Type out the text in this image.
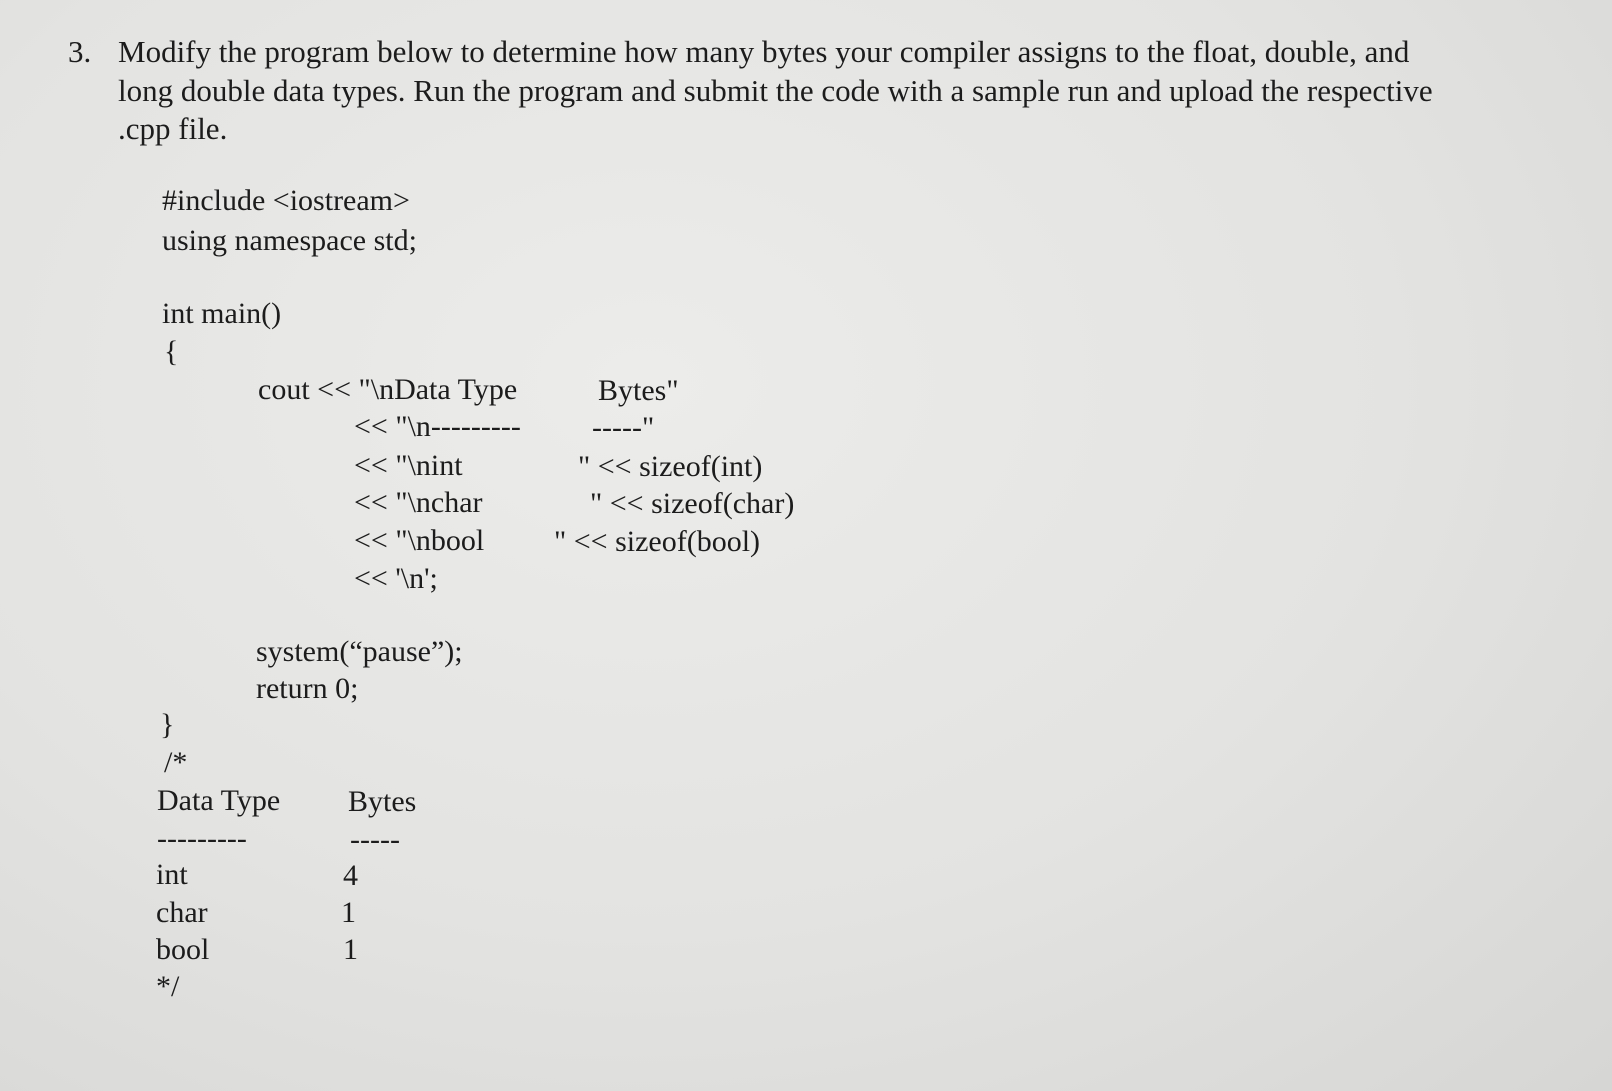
3. Modify the program below to determine how many bytes your compiler assigns to the float, double, and
long double data types. Run the program and submit the code with a sample run and upload the respective
.cpp file.
#include <iostream>
using namespace std;
int main()
{
cout << "\nData Type	Bytes"
<< "\n--------- -----"
<< "\nint	" << sizeof(int)
<< "\nchar	" << sizeof(char)
<< "\nbool " << sizeof(bool)
<< '\n';
system(“pause”);
return 0;
}
/*
Data Type Bytes
---------	-----
int	4
char	1
bool	1
*/
